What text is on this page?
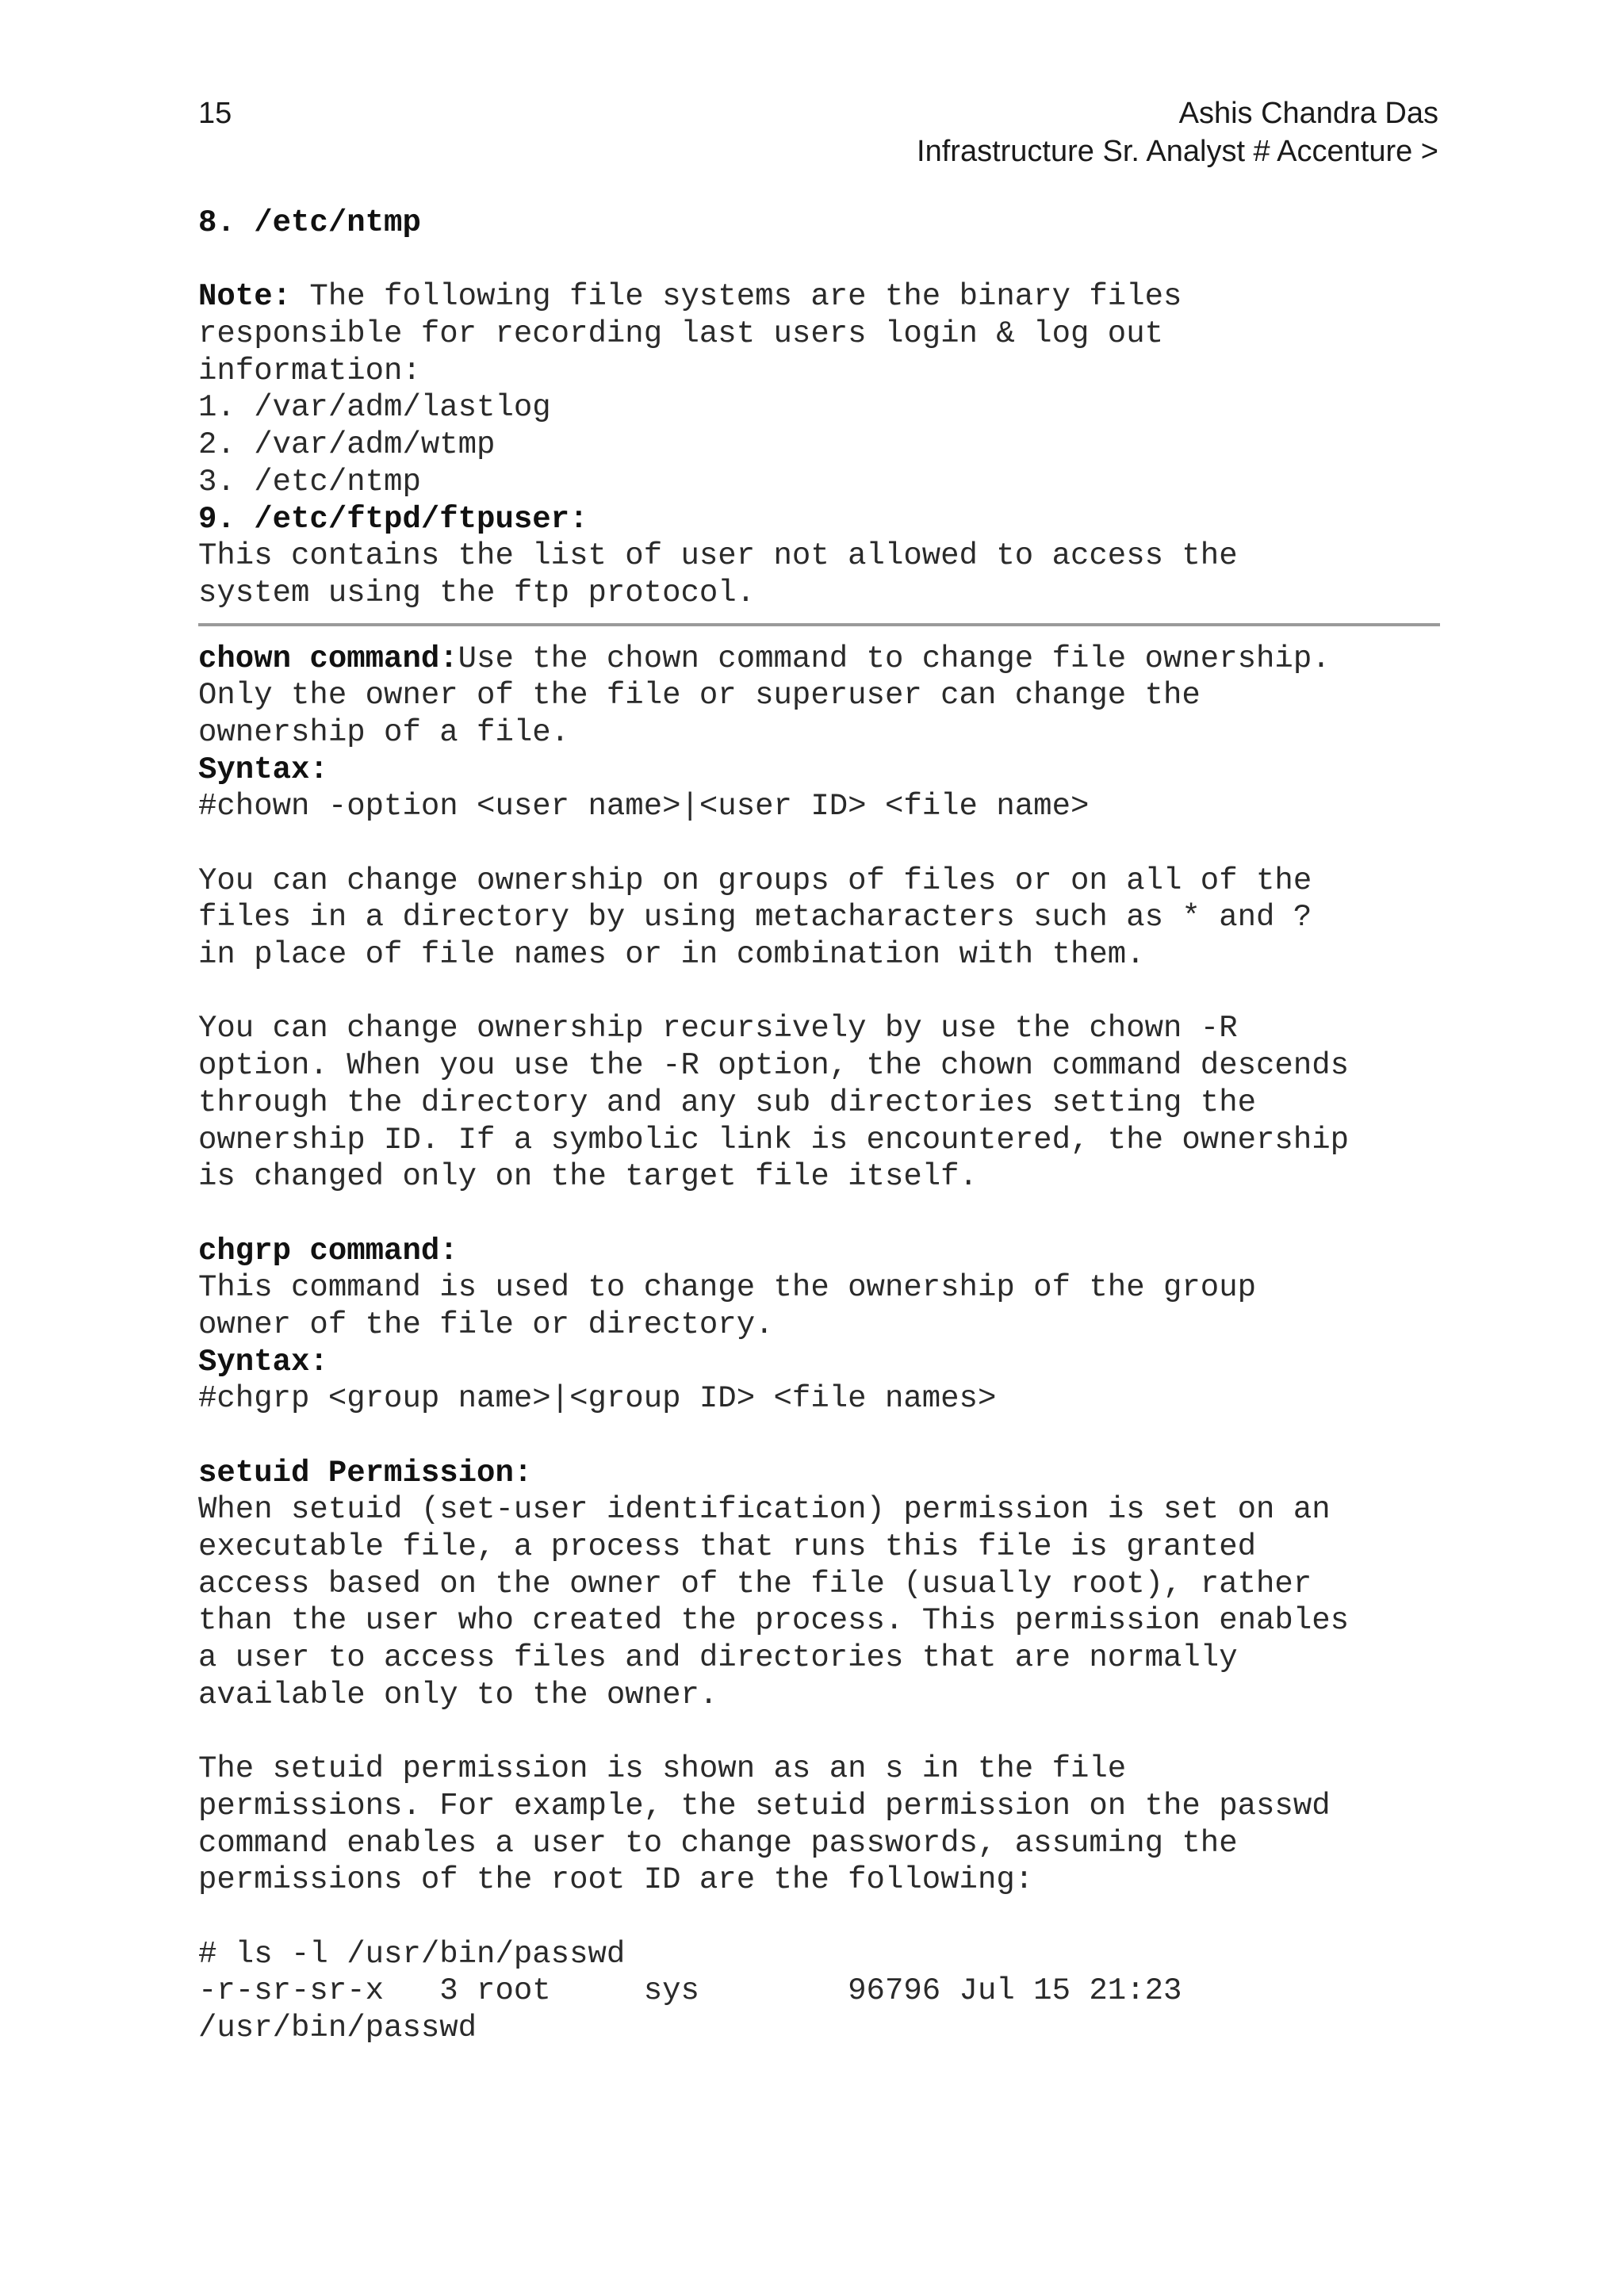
15	Ashis Chandra Das
Infrastructure Sr. Analyst # Accenture >
8. /etc/ntmp
Note: The following file systems are the binary files
responsible for recording last users login & log out
information:
1. /var/adm/lastlog
2. /var/adm/wtmp
3. /etc/ntmp
9. /etc/ftpd/ftpuser:
This contains the list of user not allowed to access the
system using the ftp protocol.
chown command:Use the chown command to change file ownership.
Only the owner of the file or superuser can change the
ownership of a file.
Syntax:
#chown -option <user name>|<user ID> <file name>
You can change ownership on groups of files or on all of the
files in a directory by using metacharacters such as * and ?
in place of file names or in combination with them.
You can change ownership recursively by use the chown -R
option. When you use the -R option, the chown command descends
through the directory and any sub directories setting the
ownership ID. If a symbolic link is encountered, the ownership
is changed only on the target file itself.
chgrp command:
This command is used to change the ownership of the group
owner of the file or directory.
Syntax:
#chgrp <group name>|<group ID> <file names>
setuid Permission:
When setuid (set-user identification) permission is set on an
executable file, a process that runs this file is granted
access based on the owner of the file (usually root), rather
than the user who created the process. This permission enables
a user to access files and directories that are normally
available only to the owner.
The setuid permission is shown as an s in the file
permissions. For example, the setuid permission on the passwd
command enables a user to change passwords, assuming the
permissions of the root ID are the following:
# ls -l /usr/bin/passwd
-r-sr-sr-x   3 root     sys        96796 Jul 15 21:23
/usr/bin/passwd
